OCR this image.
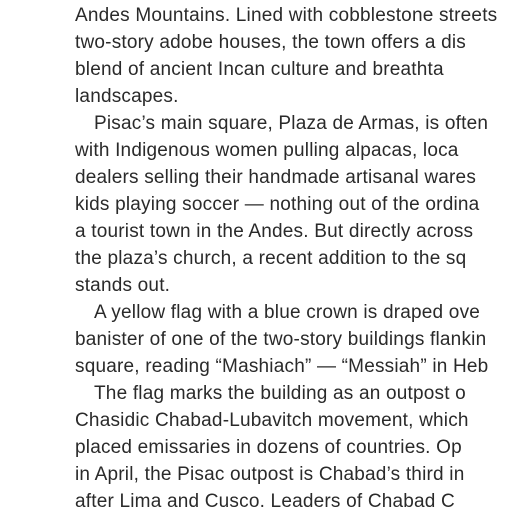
Andes Mountains. Lined with cobblestone streets
two-story adobe houses, the town offers a dis
blend of ancient Incan culture and breathta
landscapes.
Pisac’s main square, Plaza de Armas, is often
with Indigenous women pulling alpacas, loca
dealers selling their handmade artisanal wares
kids playing soccer — nothing out of the ordina
a tourist town in the Andes. But directly across
the plaza’s church, a recent addition to the sq
stands out.
A yellow flag with a blue crown is draped ove
banister of one of the two-story buildings flankin
square, reading “Mashiach” — “Messiah” in Heb
The flag marks the building as an outpost o
Chasidic Chabad-Lubavitch movement, which
placed emissaries in dozens of countries. Op
in April, the Pisac outpost is Chabad’s third in
after Lima and Cusco. Leaders of Chabad C
